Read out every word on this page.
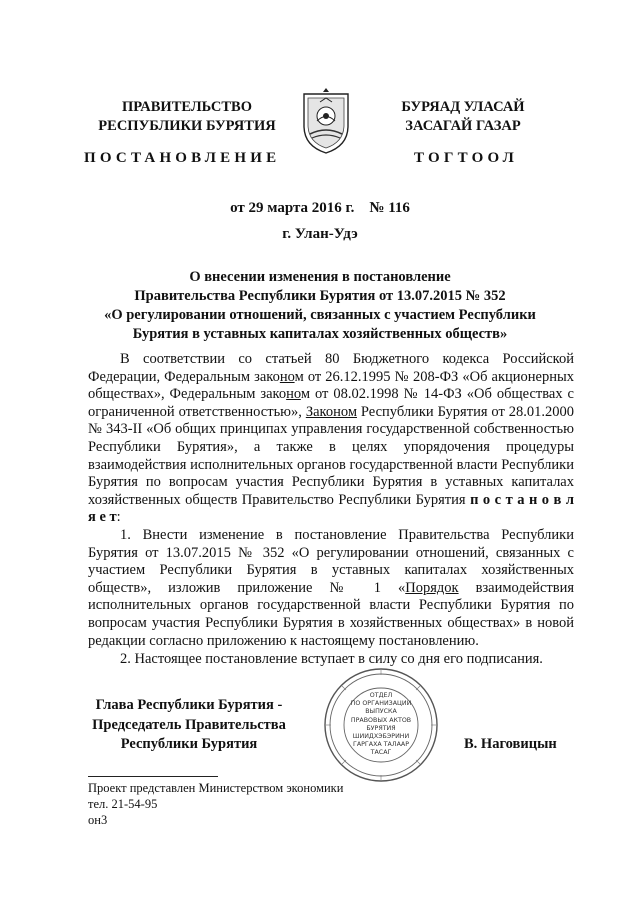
ПРАВИТЕЛЬСТВО
РЕСПУБЛИКИ БУРЯТИЯ
БУРЯАД УЛАСАЙ
ЗАСАГАЙ ГАЗАР
ПОСТАНОВЛЕНИЕ	ТОГТООЛ
от 29 марта 2016 г.    № 116
г. Улан-Удэ
О внесении изменения в постановление
Правительства Республики Бурятия от 13.07.2015 № 352
«О регулировании отношений, связанных с участием Республики
Бурятия в уставных капиталах хозяйственных обществ»
В соответствии со статьей 80 Бюджетного кодекса Российской Федерации, Федеральным законом от 26.12.1995 № 208-ФЗ «Об акционерных обществах», Федеральным законом от 08.02.1998 № 14-ФЗ «Об обществах с ограниченной ответственностью», Законом Республики Бурятия от 28.01.2000 № 343-II «Об общих принципах управления государственной собственностью Республики Бурятия», а также в целях упорядочения процедуры взаимодействия исполнительных органов государственной власти Республики Бурятия по вопросам участия Республики Бурятия в уставных капиталах хозяйственных обществ Правительство Республики Бурятия п о с т а н о в л я е т:
1. Внести изменение в постановление Правительства Республики Бурятия от 13.07.2015 № 352 «О регулировании отношений, связанных с участием Республики Бурятия в уставных капиталах хозяйственных обществ», изложив приложение № 1 «Порядок взаимодействия исполнительных органов государственной власти Республики Бурятия по вопросам участия Республики Бурятия в хозяйственных обществах» в новой редакции согласно приложению к настоящему постановлению.
2. Настоящее постановление вступает в силу со дня его подписания.
ОТДЕЛ
ПО ОРГАНИЗАЦИИ
ВЫПУСКА
ПРАВОВЫХ АКТОВ
БУРЯТИЯ
ШИИДХЭБЭРИНИ
ГАРГАХА ТАЛААР
ТАСАГ
Глава Республики Бурятия -
Председатель Правительства
Республики Бурятия	В. Наговицын
Проект представлен Министерством экономики
тел. 21-54-95
он3
